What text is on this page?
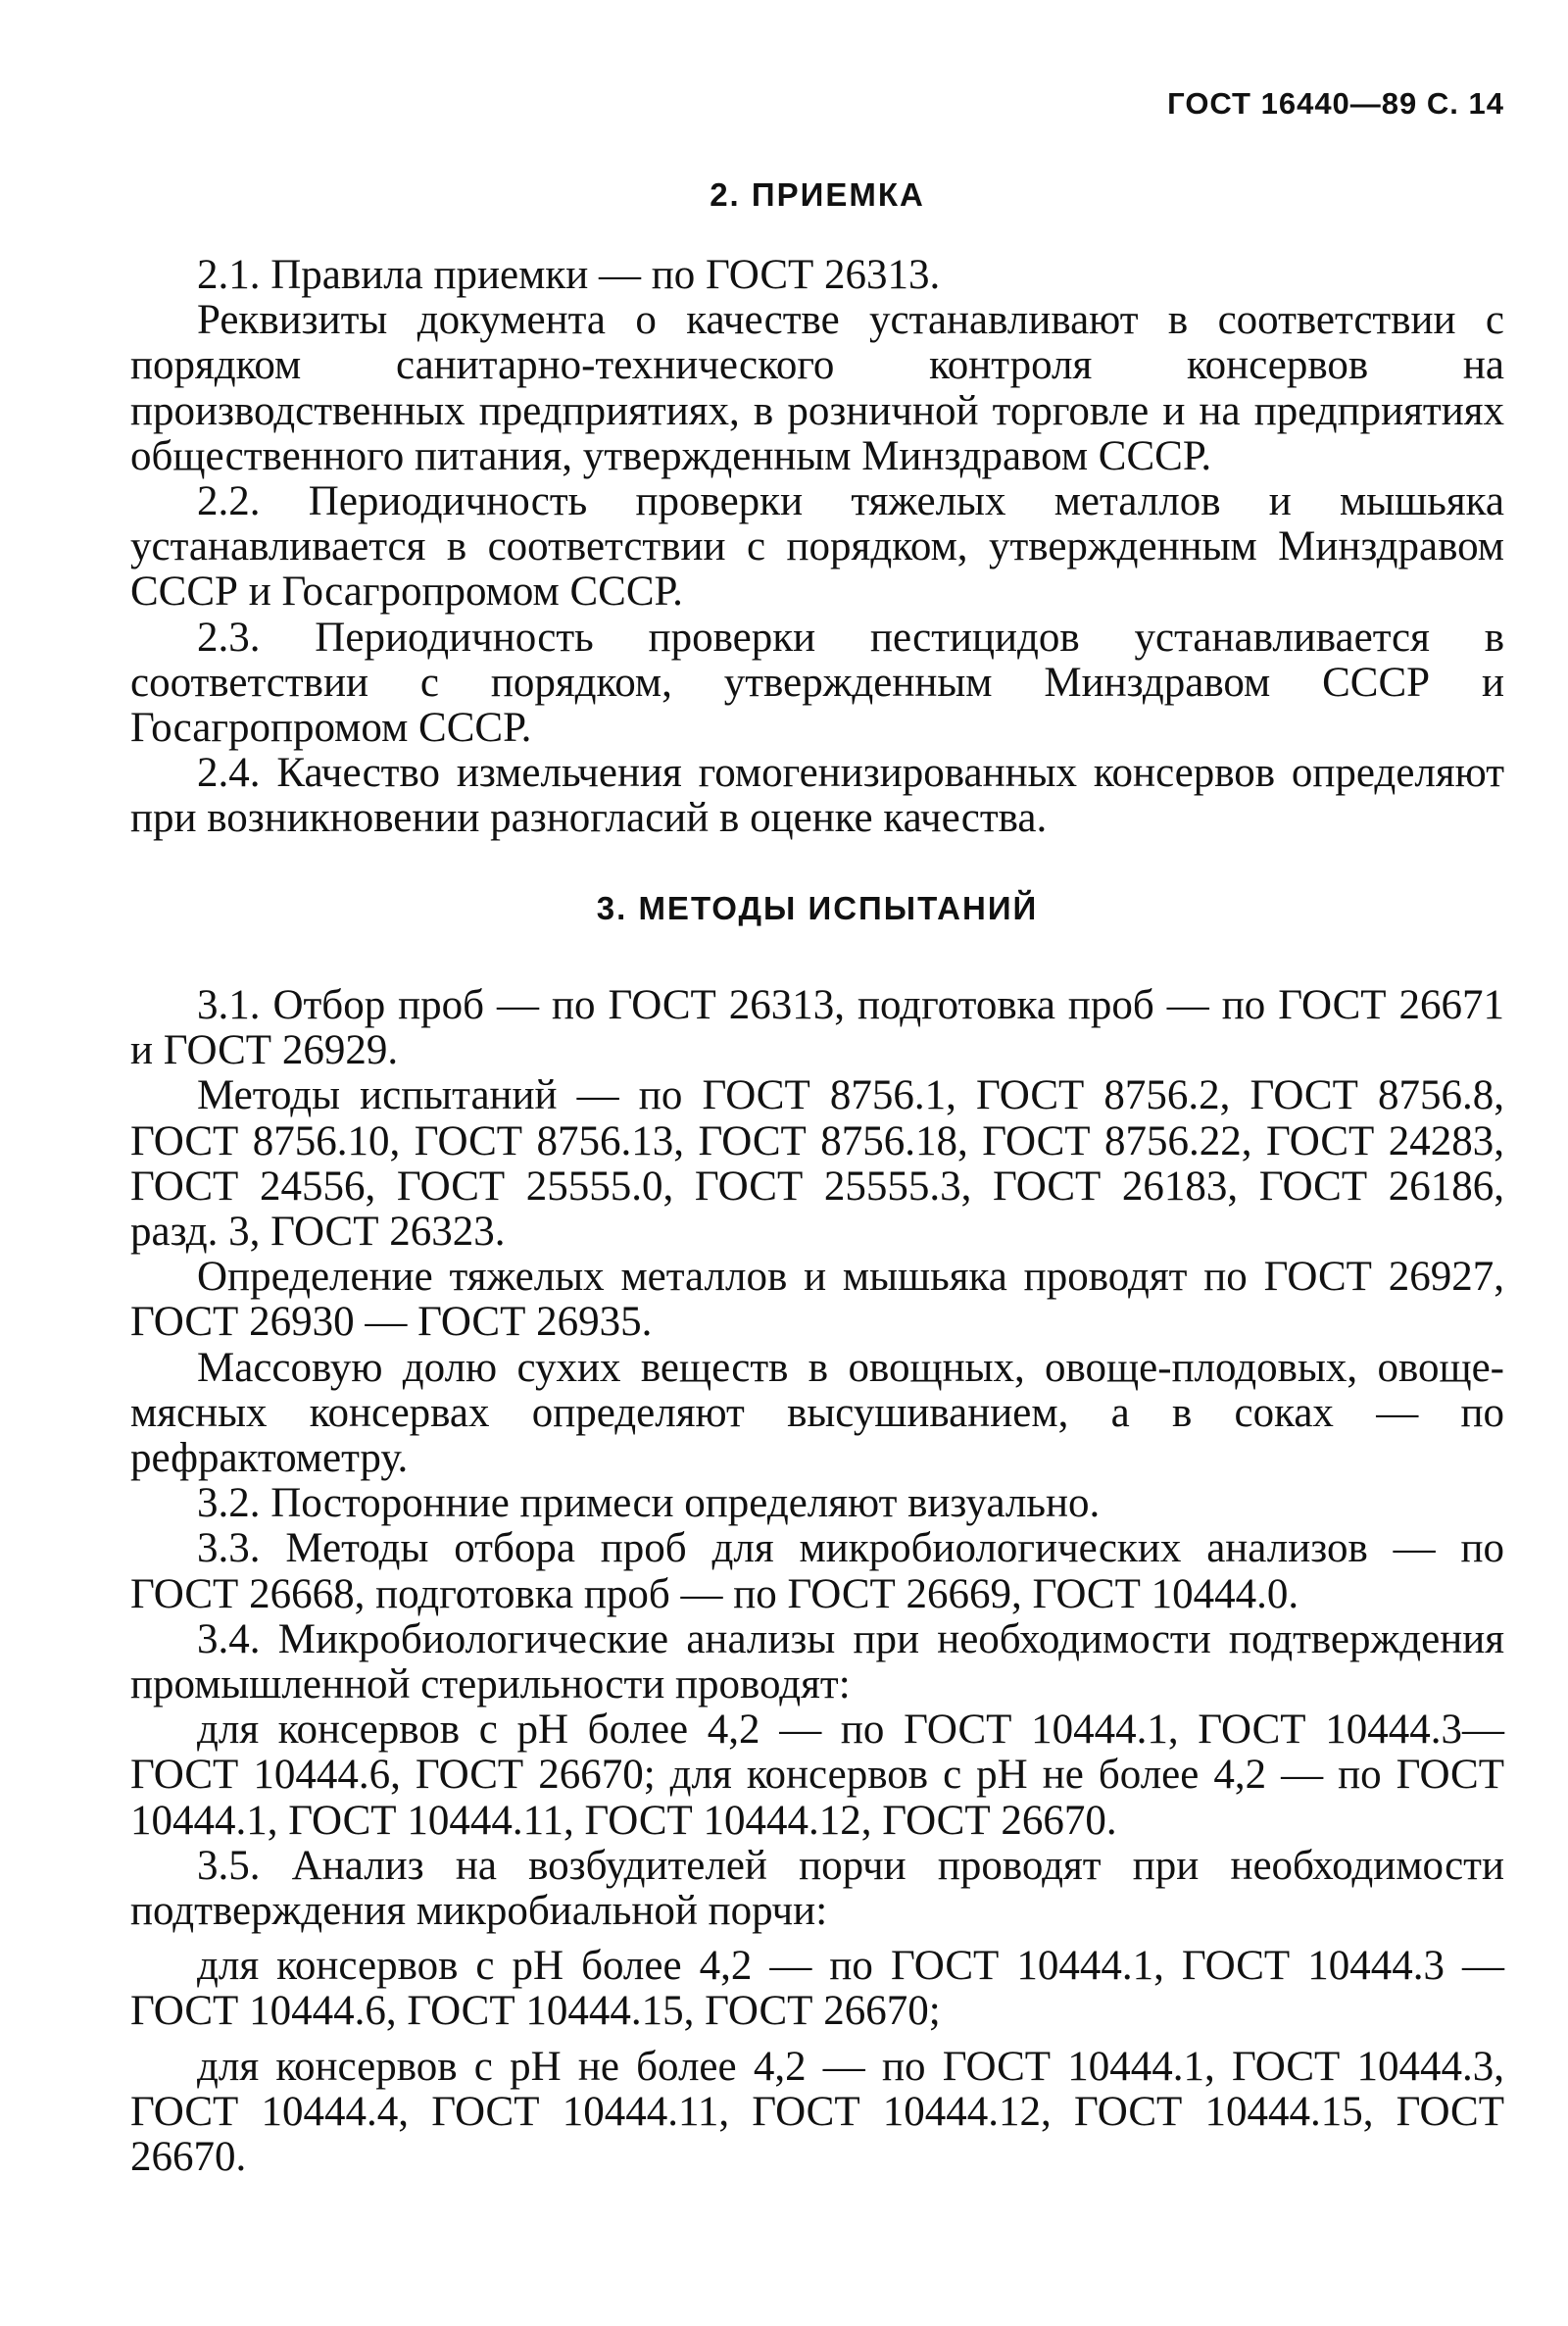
ГОСТ 16440—89 С. 14
2. ПРИЕМКА

2.1. Правила приемки — по ГОСТ 26313.

Реквизиты документа о качестве устанавливают в соответствии с порядком санитарно-технического контроля консервов на производственных предприятиях, в розничной торговле и на предприятиях общественного питания, утвержденным Минздравом СССР.

2.2. Периодичность проверки тяжелых металлов и мышьяка устанавливается в соответствии с порядком, утвержденным Минздравом СССР и Госагропромом СССР.

2.3. Периодичность проверки пестицидов устанавливается в соответствии с порядком, утвержденным Минздравом СССР и Госагропромом СССР.

2.4. Качество измельчения гомогенизированных консервов определяют при возникновении разногласий в оценке качества.

3. МЕТОДЫ ИСПЫТАНИЙ

3.1. Отбор проб — по ГОСТ 26313, подготовка проб — по ГОСТ 26671 и ГОСТ 26929.

Методы испытаний — по ГОСТ 8756.1, ГОСТ 8756.2, ГОСТ 8756.8, ГОСТ 8756.10, ГОСТ 8756.13, ГОСТ 8756.18, ГОСТ 8756.22, ГОСТ 24283, ГОСТ 24556, ГОСТ 25555.0, ГОСТ 25555.3, ГОСТ 26183, ГОСТ 26186, разд. 3, ГОСТ 26323.

Определение тяжелых металлов и мышьяка проводят по ГОСТ 26927, ГОСТ 26930 — ГОСТ 26935.

Массовую долю сухих веществ в овощных, овоще-плодовых, овоще-мясных консервах определяют высушиванием, а в соках — по рефрактометру.

3.2. Посторонние примеси определяют визуально.

3.3. Методы отбора проб для микробиологических анализов — по ГОСТ 26668, подготовка проб — по ГОСТ 26669, ГОСТ 10444.0.

3.4. Микробиологические анализы при необходимости подтверждения промышленной стерильности проводят:

для консервов с pH более 4,2 — по ГОСТ 10444.1, ГОСТ 10444.3—ГОСТ 10444.6, ГОСТ 26670; для консервов с pH не более 4,2 — по ГОСТ 10444.1, ГОСТ 10444.11, ГОСТ 10444.12, ГОСТ 26670.

3.5. Анализ на возбудителей порчи проводят при необходимости подтверждения микробиальной порчи:

для консервов с pH более 4,2 — по ГОСТ 10444.1, ГОСТ 10444.3 — ГОСТ 10444.6, ГОСТ 10444.15, ГОСТ 26670;

для консервов с pH не более 4,2 — по ГОСТ 10444.1, ГОСТ 10444.3, ГОСТ 10444.4, ГОСТ 10444.11, ГОСТ 10444.12, ГОСТ 10444.15, ГОСТ 26670.
